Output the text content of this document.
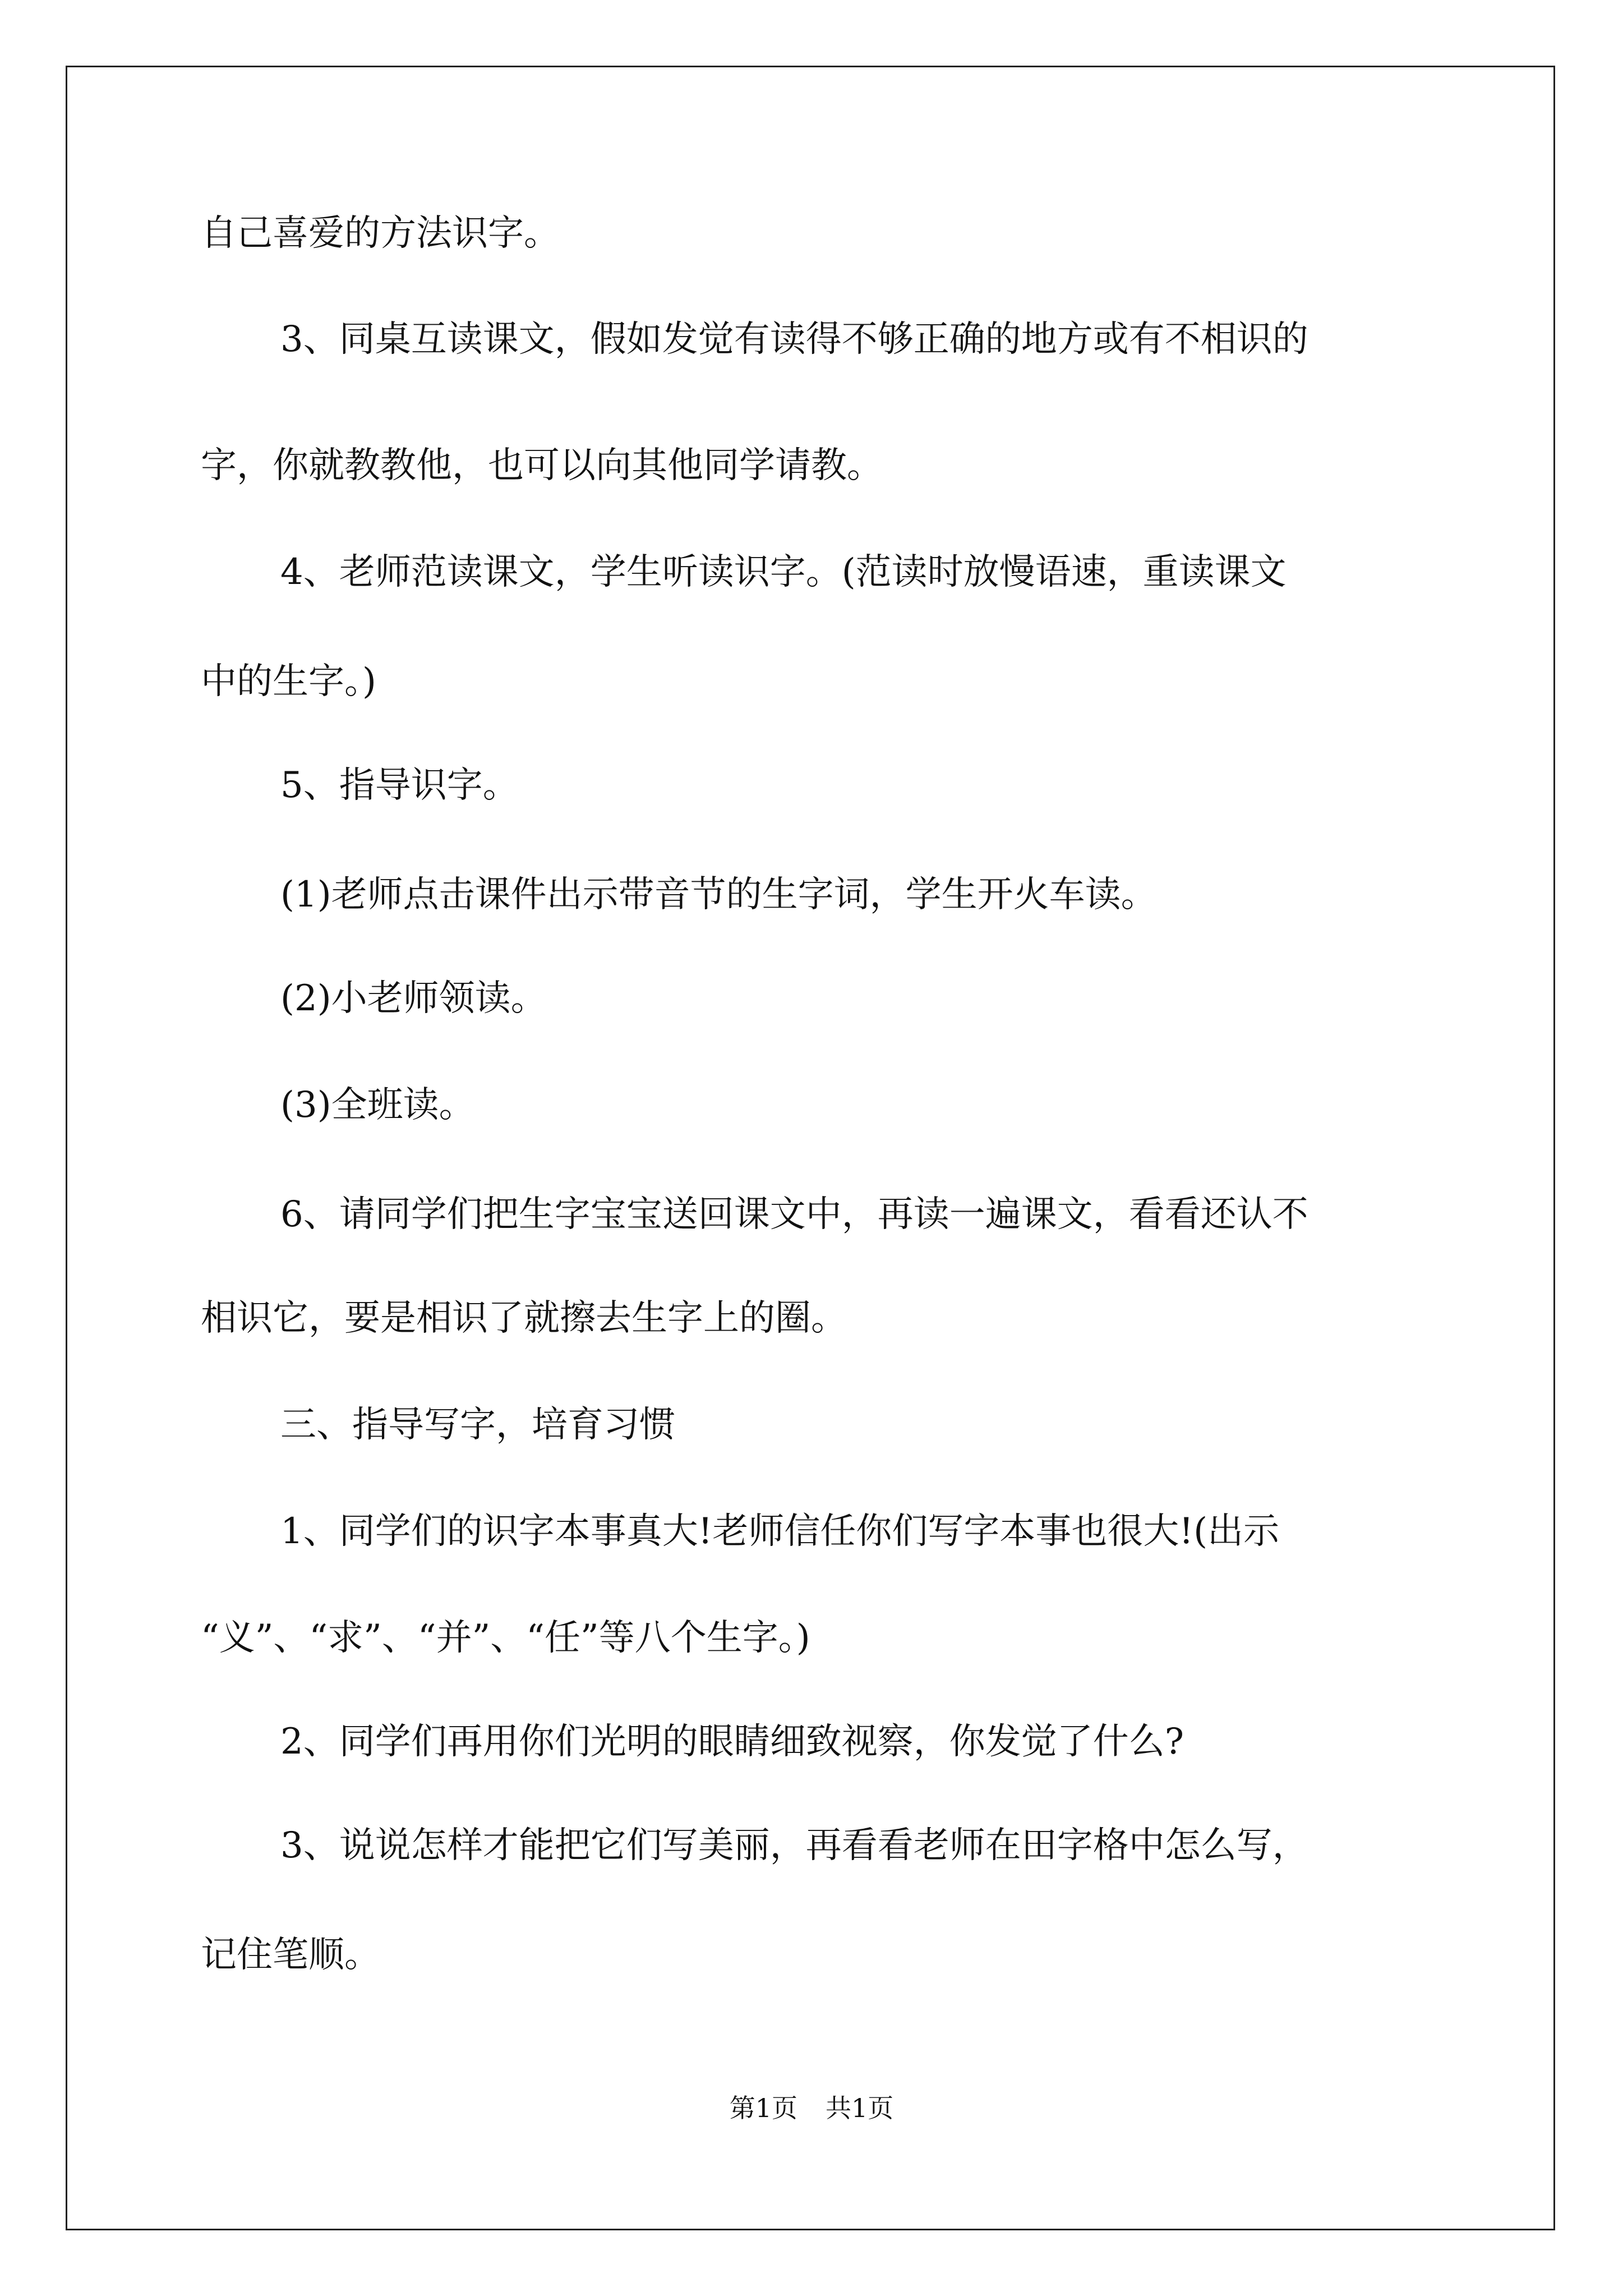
自己喜爱的方法识字。
3、同桌互读课文，假如发觉有读得不够正确的地方或有不相识的
字，你就教教他，也可以向其他同学请教。
4、老师范读课文，学生听读识字。(范读时放慢语速，重读课文
中的生字。)
5、指导识字。
(1)老师点击课件出示带音节的生字词，学生开火车读。
(2)小老师领读。
(3)全班读。
6、请同学们把生字宝宝送回课文中，再读一遍课文，看看还认不
相识它，要是相识了就擦去生字上的圈。
三、指导写字，培育习惯
1、同学们的识字本事真大!老师信任你们写字本事也很大!(出示
“义”、“求”、“并”、“任”等八个生字。)
2、同学们再用你们光明的眼睛细致视察，你发觉了什么?
3、说说怎样才能把它们写美丽，再看看老师在田字格中怎么写，
记住笔顺。
第1页 共1页
